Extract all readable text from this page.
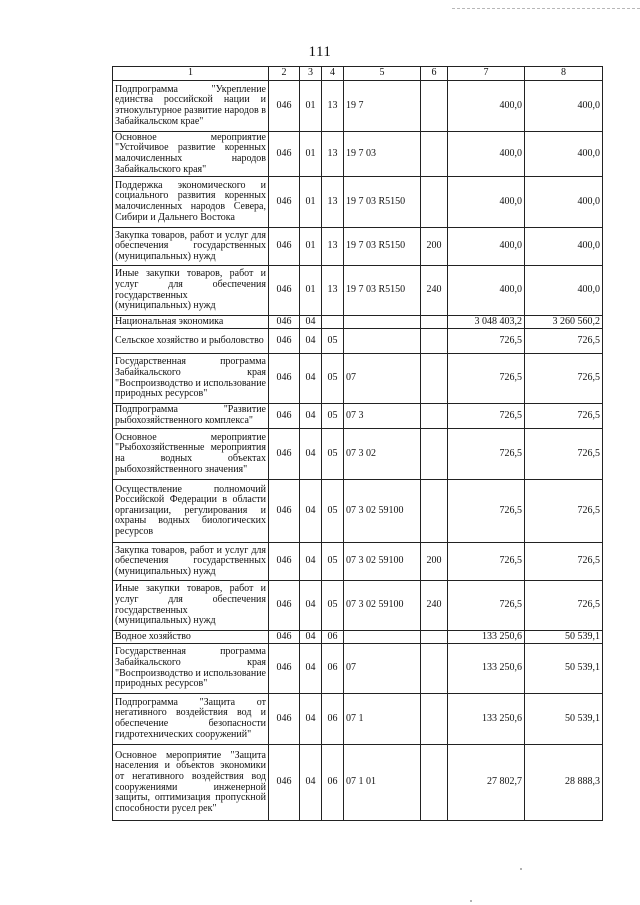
111
1	2	3	4	5	6	7	8
Подпрограмма "Укрепление единства российской нации и этнокультурное развитие народов в Забайкальском крае"	046	01	13	19 7		400,0	400,0
Основное мероприятие "Устойчивое развитие коренных малочисленных народов Забайкальского края"	046	01	13	19 7 03		400,0	400,0
Поддержка экономического и социального развития коренных малочисленных народов Севера, Сибири и Дальнего Востока	046	01	13	19 7 03 R5150		400,0	400,0
Закупка товаров, работ и услуг для обеспечения государственных (муниципальных) нужд	046	01	13	19 7 03 R5150	200	400,0	400,0
Иные закупки товаров, работ и услуг для обеспечения государственных (муниципальных) нужд	046	01	13	19 7 03 R5150	240	400,0	400,0
Национальная экономика	046	04				3 048 403,2	3 260 560,2
Сельское хозяйство и рыболовство	046	04	05			726,5	726,5
Государственная программа Забайкальского края "Воспроизводство и использование природных ресурсов"	046	04	05	07		726,5	726,5
Подпрограмма "Развитие рыбохозяйственного комплекса"	046	04	05	07 3		726,5	726,5
Основное мероприятие "Рыбохозяйственные мероприятия на водных объектах рыбохозяйственного значения"	046	04	05	07 3 02		726,5	726,5
Осуществление полномочий Российской Федерации в области организации, регулирования и охраны водных биологических ресурсов	046	04	05	07 3 02 59100		726,5	726,5
Закупка товаров, работ и услуг для обеспечения государственных (муниципальных) нужд	046	04	05	07 3 02 59100	200	726,5	726,5
Иные закупки товаров, работ и услуг для обеспечения государственных (муниципальных) нужд	046	04	05	07 3 02 59100	240	726,5	726,5
Водное хозяйство	046	04	06			133 250,6	50 539,1
Государственная программа Забайкальского края "Воспроизводство и использование природных ресурсов"	046	04	06	07		133 250,6	50 539,1
Подпрограмма "Защита от негативного воздействия вод и обеспечение безопасности гидротехнических сооружений"	046	04	06	07 1		133 250,6	50 539,1
Основное мероприятие "Защита населения и объектов экономики от негативного воздействия вод сооружениями инженерной защиты, оптимизация пропускной способности русел рек"	046	04	06	07 1 01		27 802,7	28 888,3
